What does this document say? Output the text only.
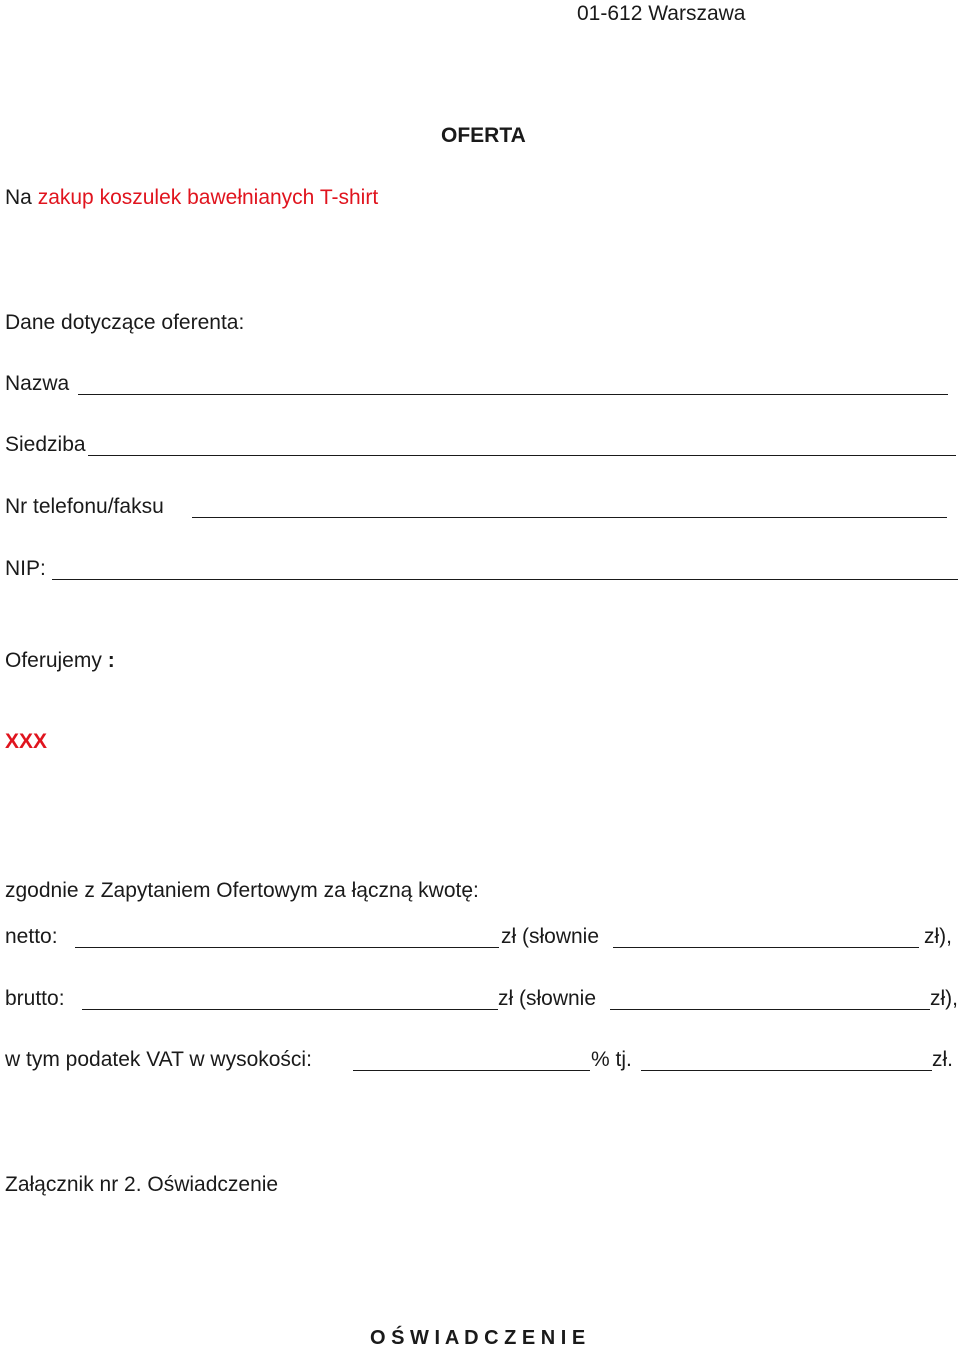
01-612 Warszawa
OFERTA
Na zakup koszulek bawełnianych T-shirt
Dane dotyczące oferenta:
Nazwa
Siedziba
Nr telefonu/faksu
NIP:
Oferujemy :
XXX
zgodnie z Zapytaniem Ofertowym za łączną kwotę:
netto:	zł (słownie	zł),
brutto:	zł (słownie	zł),
w tym podatek VAT w wysokości:	% tj.	zł.
Załącznik nr 2. Oświadczenie
O Ś W I A D C Z E N I E
